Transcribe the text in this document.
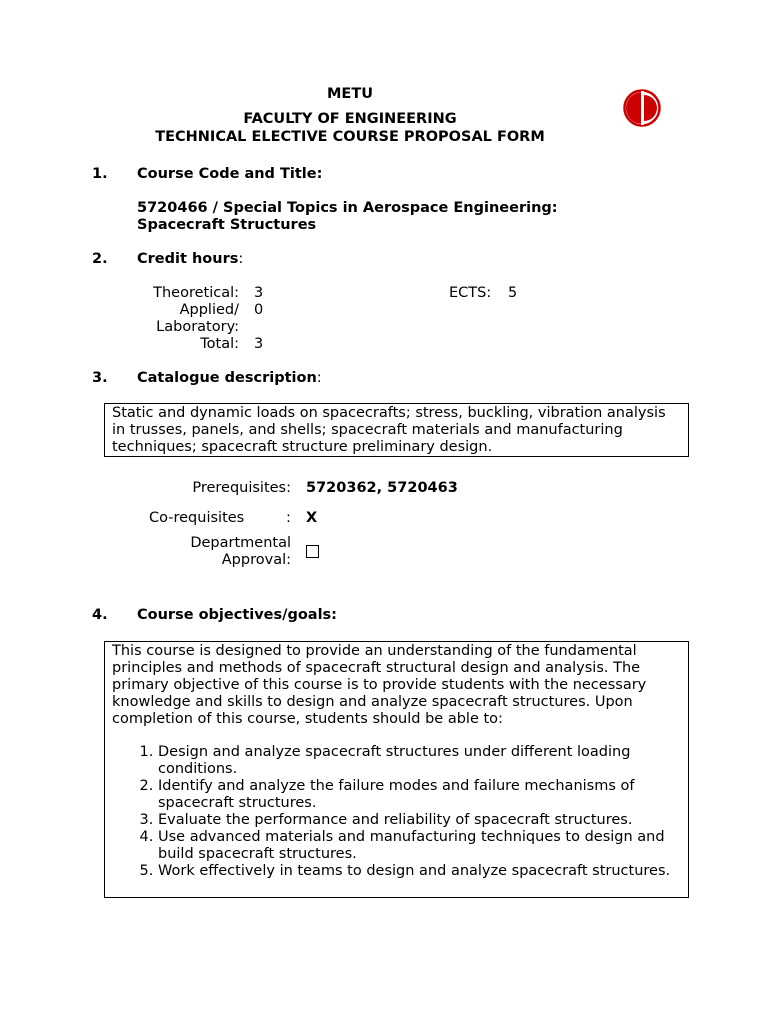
METU
FACULTY OF ENGINEERING
TECHNICAL ELECTIVE COURSE PROPOSAL FORM
1. Course Code and Title:
5720466 / Special Topics in Aerospace Engineering:
Spacecraft Structures
2. Credit hours:
Theoretical: 3
Applied/ 0
Laboratory:
Total: 3
ECTS: 5
3. Catalogue description:

Static and dynamic loads on spacecrafts; stress, buckling, vibration analysis in trusses, panels, and shells; spacecraft materials and manufacturing techniques; spacecraft structure preliminary design.

Prerequisites: 5720362, 5720463
Co-requisites	: X
Departmental
Approval:
4. Course objectives/goals:

This course is designed to provide an understanding of the fundamental principles and methods of spacecraft structural design and analysis. The primary objective of this course is to provide students with the necessary knowledge and skills to design and analyze spacecraft structures. Upon completion of this course, students should be able to:

1. Design and analyze spacecraft structures under different loading conditions.
2. Identify and analyze the failure modes and failure mechanisms of spacecraft structures.
3. Evaluate the performance and reliability of spacecraft structures.
4. Use advanced materials and manufacturing techniques to design and build spacecraft structures.
5. Work effectively in teams to design and analyze spacecraft structures.
